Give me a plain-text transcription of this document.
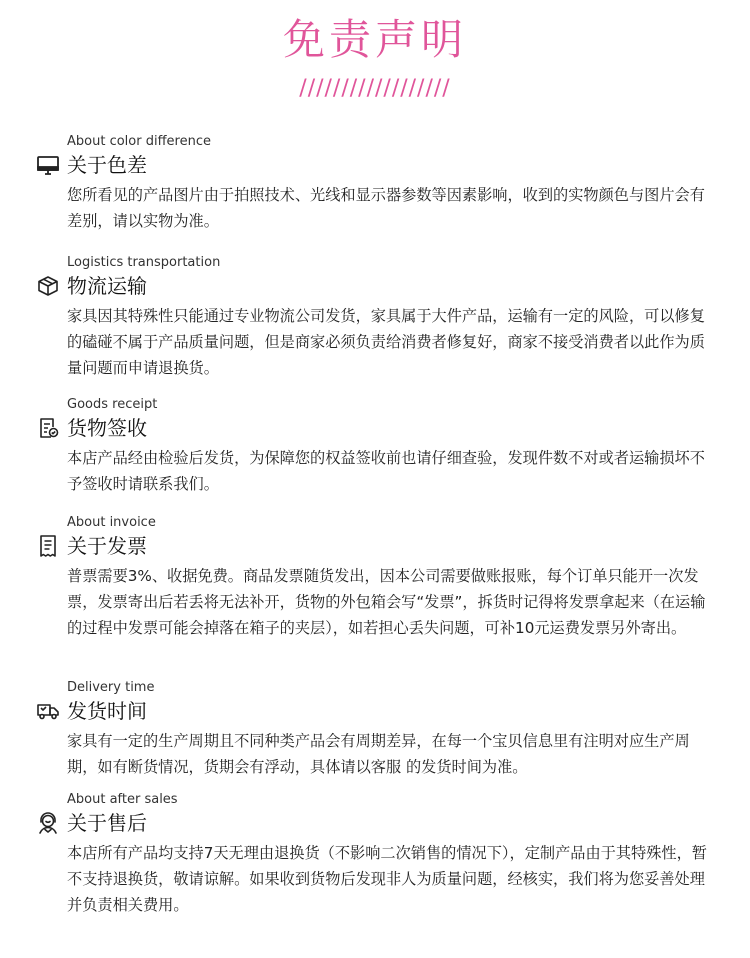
免责声明
//////////////////
About color difference
关于色差
您所看见的产品图片由于拍照技术、光线和显示器参数等因素影响，收到的实物颜色与图片会有差别，请以实物为准。
Logistics transportation
物流运输
家具因其特殊性只能通过专业物流公司发货，家具属于大件产品，运输有一定的风险，可以修复的磕碰不属于产品质量问题，但是商家必须负责给消费者修复好，商家不接受消费者以此作为质量问题而申请退换货。
Goods receipt
货物签收
本店产品经由检验后发货，为保障您的权益签收前也请仔细查验，发现件数不对或者运输损坏不予签收时请联系我们。
About invoice
关于发票
普票需要3%、收据免费。商品发票随货发出，因本公司需要做账报账，每个订单只能开一次发票，发票寄出后若丢将无法补开，货物的外包箱会写“发票”，拆货时记得将发票拿起来（在运输的过程中发票可能会掉落在箱子的夹层），如若担心丢失问题，可补10元运费发票另外寄出。
Delivery time
发货时间
家具有一定的生产周期且不同种类产品会有周期差异，在每一个宝贝信息里有注明对应生产周期，如有断货情况，货期会有浮动，具体请以客服 的发货时间为准。
About after sales
关于售后
本店所有产品均支持7天无理由退换货（不影响二次销售的情况下），定制产品由于其特殊性，暂不支持退换货，敬请谅解。如果收到货物后发现非人为质量问题，经核实，我们将为您妥善处理并负责相关费用。
